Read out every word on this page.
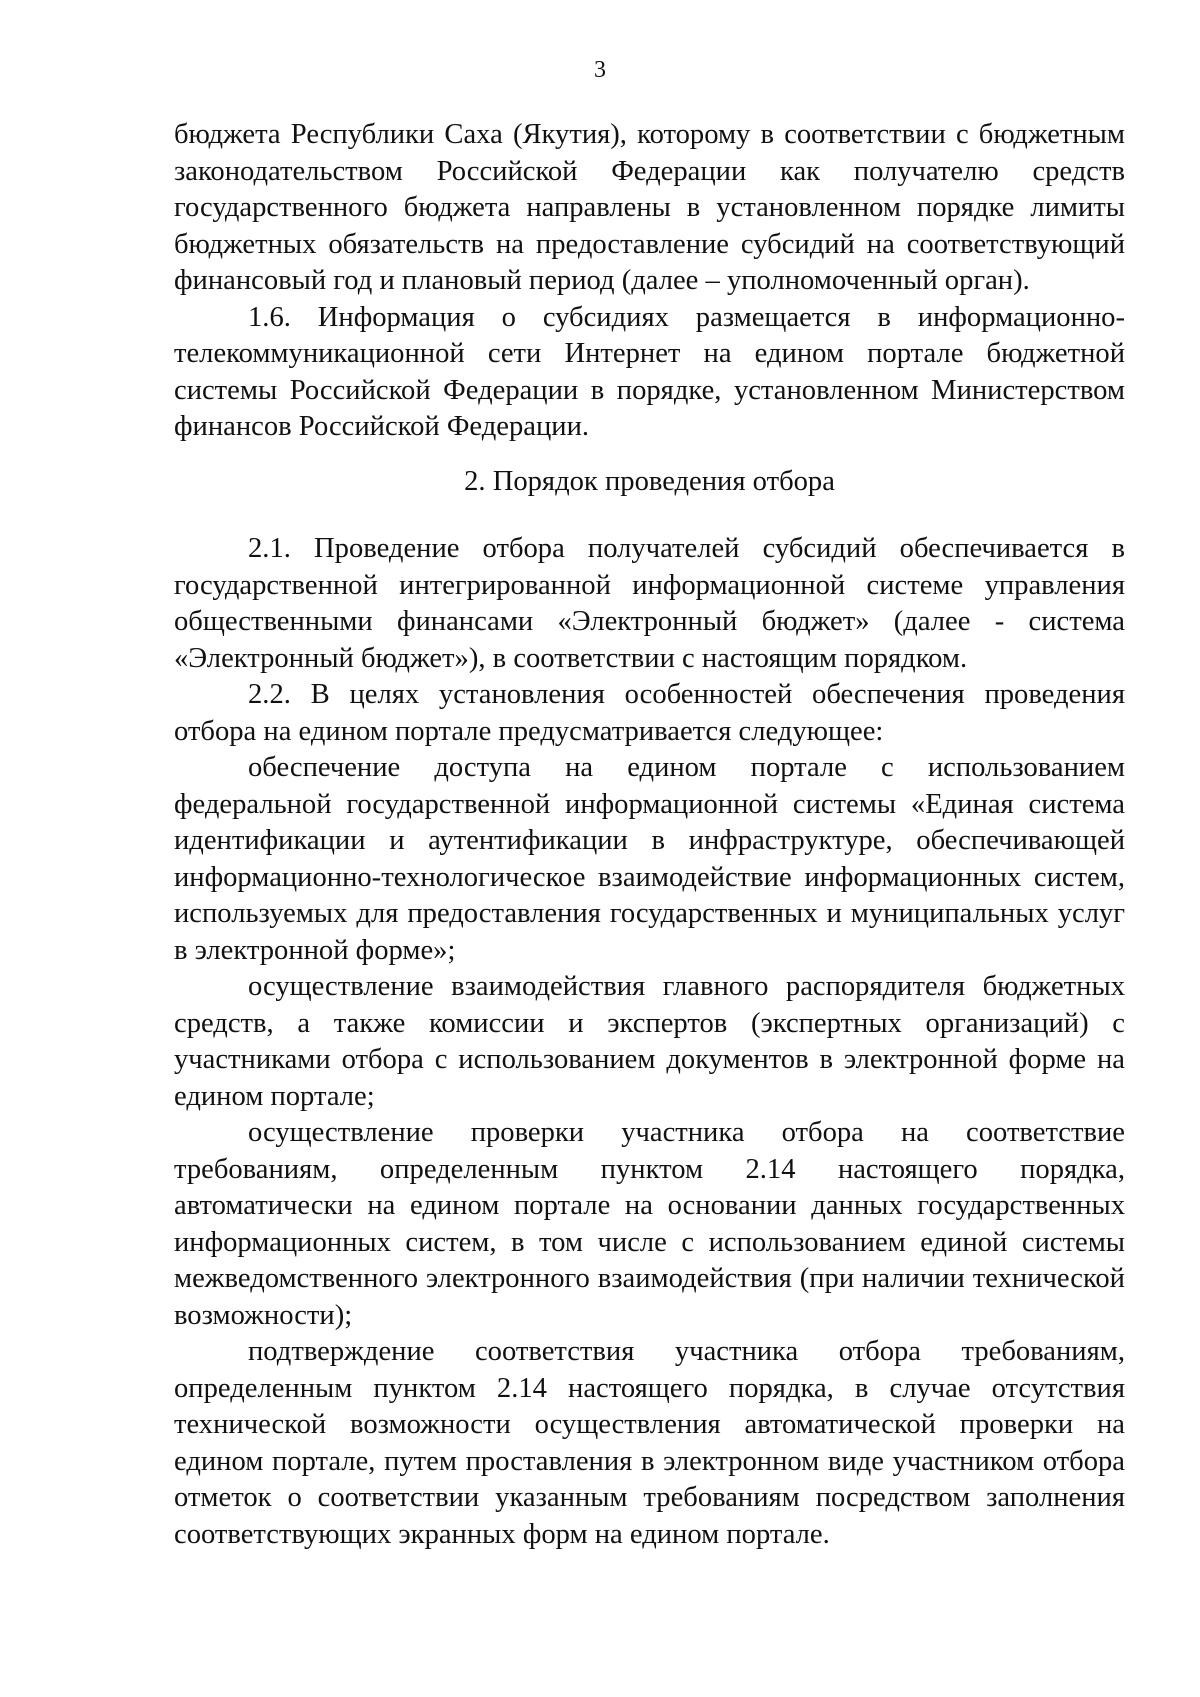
3

бюджета Республики Саха (Якутия), которому в соответствии с бюджетным законодательством Российской Федерации как получателю средств государственного бюджета направлены в установленном порядке лимиты бюджетных обязательств на предоставление субсидий на соответствующий финансовый год и плановый период (далее – уполномоченный орган).

1.6. Информация о субсидиях размещается в информационно-телекоммуникационной сети Интернет на едином портале бюджетной системы Российской Федерации в порядке, установленном Министерством финансов Российской Федерации.

2. Порядок проведения отбора

2.1. Проведение отбора получателей субсидий обеспечивается в государственной интегрированной информационной системе управления общественными финансами «Электронный бюджет» (далее - система «Электронный бюджет»), в соответствии с настоящим порядком.

2.2. В целях установления особенностей обеспечения проведения отбора на едином портале предусматривается следующее:

обеспечение доступа на едином портале с использованием федеральной государственной информационной системы «Единая система идентификации и аутентификации в инфраструктуре, обеспечивающей информационно-технологическое взаимодействие информационных систем, используемых для предоставления государственных и муниципальных услуг в электронной форме»;

осуществление взаимодействия главного распорядителя бюджетных средств, а также комиссии и экспертов (экспертных организаций) с участниками отбора с использованием документов в электронной форме на едином портале;

осуществление проверки участника отбора на соответствие требованиям, определенным пунктом 2.14 настоящего порядка, автоматически на едином портале на основании данных государственных информационных систем, в том числе с использованием единой системы межведомственного электронного взаимодействия (при наличии технической возможности);

подтверждение соответствия участника отбора требованиям, определенным пунктом 2.14 настоящего порядка, в случае отсутствия технической возможности осуществления автоматической проверки на едином портале, путем проставления в электронном виде участником отбора отметок о соответствии указанным требованиям посредством заполнения соответствующих экранных форм на едином портале.
